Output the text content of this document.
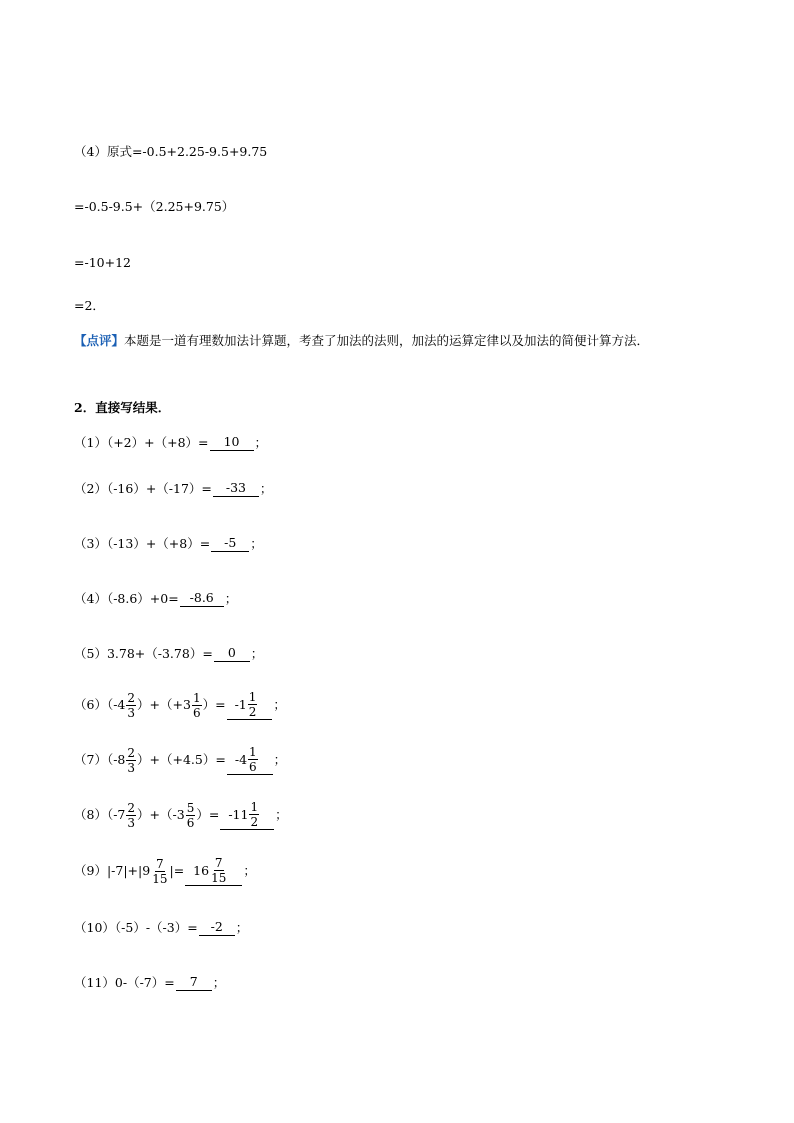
（4）原式=-0.5+2.25-9.5+9.75
=-0.5-9.5+（2.25+9.75）
=-10+12
=2．
【点评】 本题是一道有理数加法计算题，考查了加法的法则，加法的运算定律以及加法的简便计算方法．
2．直接写结果．
（1）（+2）+（+8）=	10	；
（2）（-16）+（-17）=	-33	；
（3）（-13）+（+8）=	-5	；
（4）（-8.6）+0= -8.6 ；
（5）3.78+（-3.78）=	0	；
$(6)(-4 \frac{2}{3} )+(+3 \frac{1}{6}$ ）= $-1 \frac{1}{2}$ ；
$(7)(-8 \frac{2}{3} )+(+4.5)= -4 \frac{1}{6}$ ；
$(8)(-7 \frac{2}{3} )+(-3 \frac{5}{6}$ ）= $-11 \frac{1}{2}$ ；
$(9)|-7|+|9 \frac{7}{15}$ |= $16 \frac{7}{15}$ ；
（10）（-5）-（-3）=	-2	；
（11）0-（-7）=	7	；
